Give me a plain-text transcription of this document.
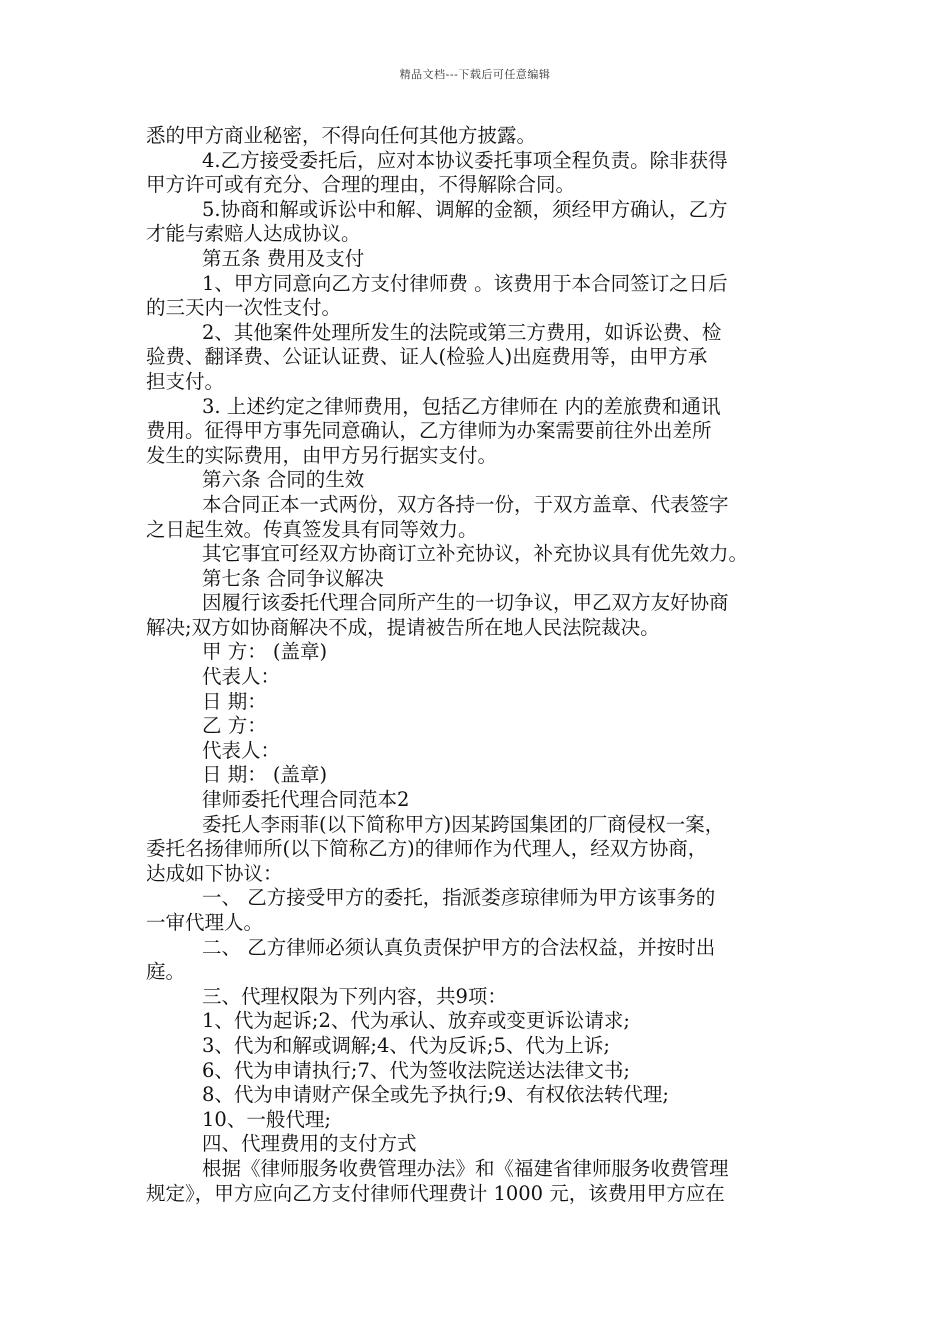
精品文档---下载后可任意编辑
悉的甲方商业秘密，不得向任何其他方披露。
4.乙方接受委托后，应对本协议委托事项全程负责。除非获得
甲方许可或有充分、合理的理由，不得解除合同。
5.协商和解或诉讼中和解、调解的金额，须经甲方确认，乙方
才能与索赔人达成协议。
第五条 费用及支付
1、甲方同意向乙方支付律师费 。该费用于本合同签订之日后
的三天内一次性支付。
2、其他案件处理所发生的法院或第三方费用，如诉讼费、检
验费、翻译费、公证认证费、证人(检验人)出庭费用等，由甲方承
担支付。
3. 上述约定之律师费用，包括乙方律师在 内的差旅费和通讯
费用。征得甲方事先同意确认，乙方律师为办案需要前往外出差所
发生的实际费用，由甲方另行据实支付。
第六条 合同的生效
本合同正本一式两份，双方各持一份，于双方盖章、代表签字
之日起生效。传真签发具有同等效力。
其它事宜可经双方协商订立补充协议，补充协议具有优先效力。
第七条 合同争议解决
因履行该委托代理合同所产生的一切争议，甲乙双方友好协商
解决;双方如协商解决不成，提请被告所在地人民法院裁决。
甲 方： (盖章)
代表人：
日 期：
乙 方：
代表人：
日 期： (盖章)
律师委托代理合同范本2
委托人李雨菲(以下简称甲方)因某跨国集团的厂商侵权一案，
委托名扬律师所(以下简称乙方)的律师作为代理人，经双方协商，
达成如下协议：
一、 乙方接受甲方的委托，指派娄彦琼律师为甲方该事务的
一审代理人。
二、 乙方律师必须认真负责保护甲方的合法权益，并按时出
庭。
三、代理权限为下列内容，共9项：
1、代为起诉;2、代为承认、放弃或变更诉讼请求;
3、代为和解或调解;4、代为反诉;5、代为上诉;
6、代为申请执行;7、代为签收法院送达法律文书;
8、代为申请财产保全或先予执行;9、有权依法转代理;
10、一般代理;
四、代理费用的支付方式
根据《律师服务收费管理办法》和《福建省律师服务收费管理
规定》，甲方应向乙方支付律师代理费计 1000 元，该费用甲方应在
